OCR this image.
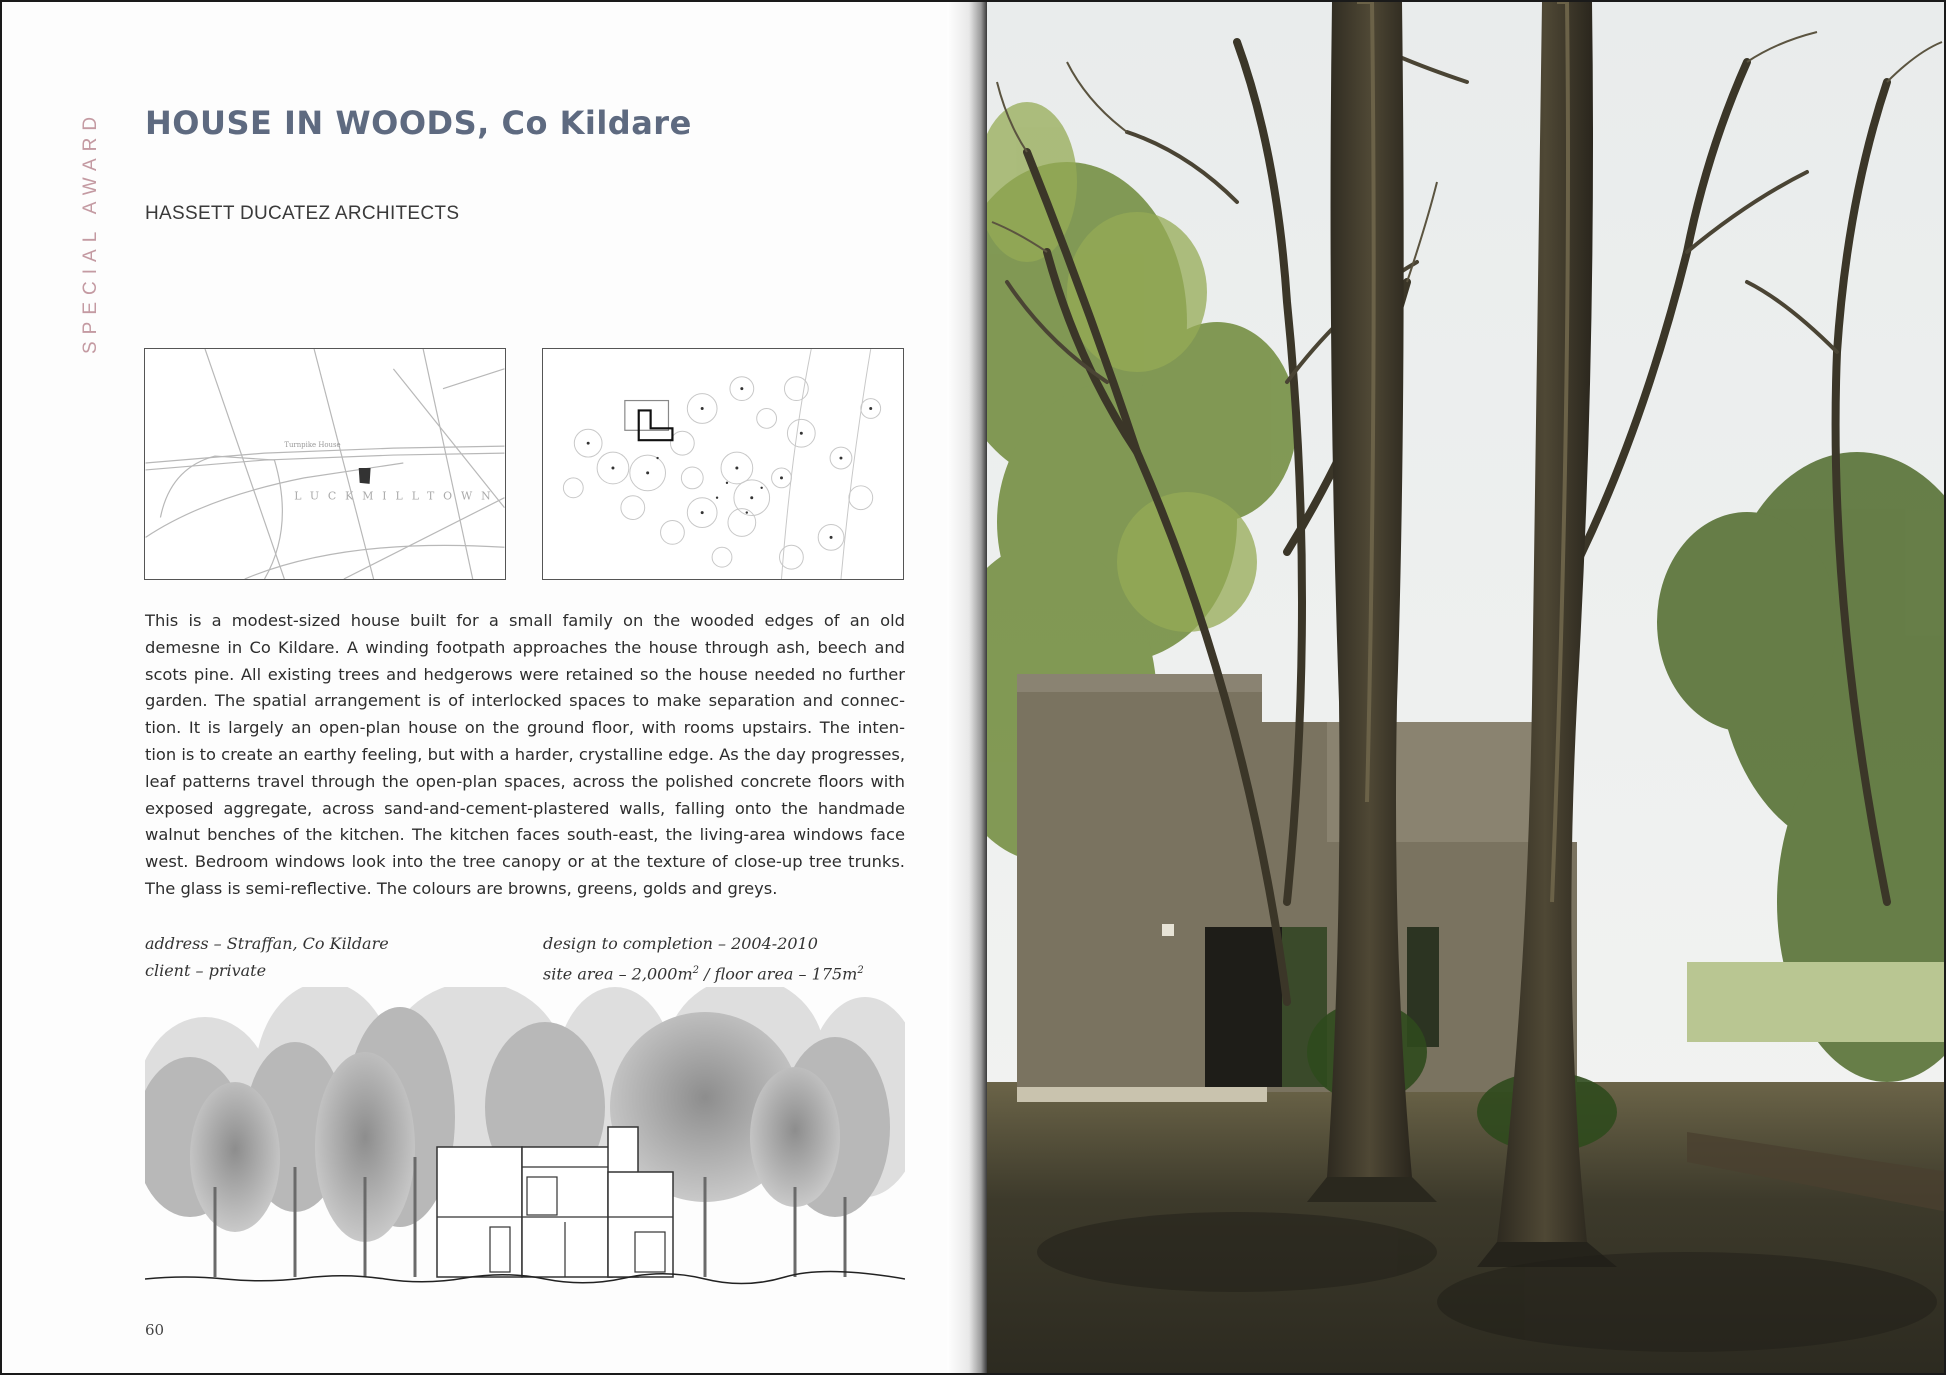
SPECIAL AWARD HOUSE IN WOODS, Co Kildare
HASSETT DUCATEZ ARCHITECTS
Turnpike House
LUCKMILLTOWN

This is a modest-sized house built for a small family on the wooded edges of an old
demesne in Co Kildare. A winding footpath approaches the house through ash, beech and
scots pine. All existing trees and hedgerows were retained so the house needed no further
garden. The spatial arrangement is of interlocked spaces to make separation and connec-
tion. It is largely an open-plan house on the ground floor, with rooms upstairs. The inten-
tion is to create an earthy feeling, but with a harder, crystalline edge. As the day progresses,
leaf patterns travel through the open-plan spaces, across the polished concrete floors with
exposed aggregate, across sand-and-cement-plastered walls, falling onto the handmade
walnut benches of the kitchen. The kitchen faces south-east, the living-area windows face
west. Bedroom windows look into the tree canopy or at the texture of close-up tree trunks.
The glass is semi-reflective. The colours are browns, greens, golds and greys.

address – Straffan, Co Kildare
client – private
design to completion – 2004-2010
site area – $2,000m^2$ / floor area – $175m^2$
60
